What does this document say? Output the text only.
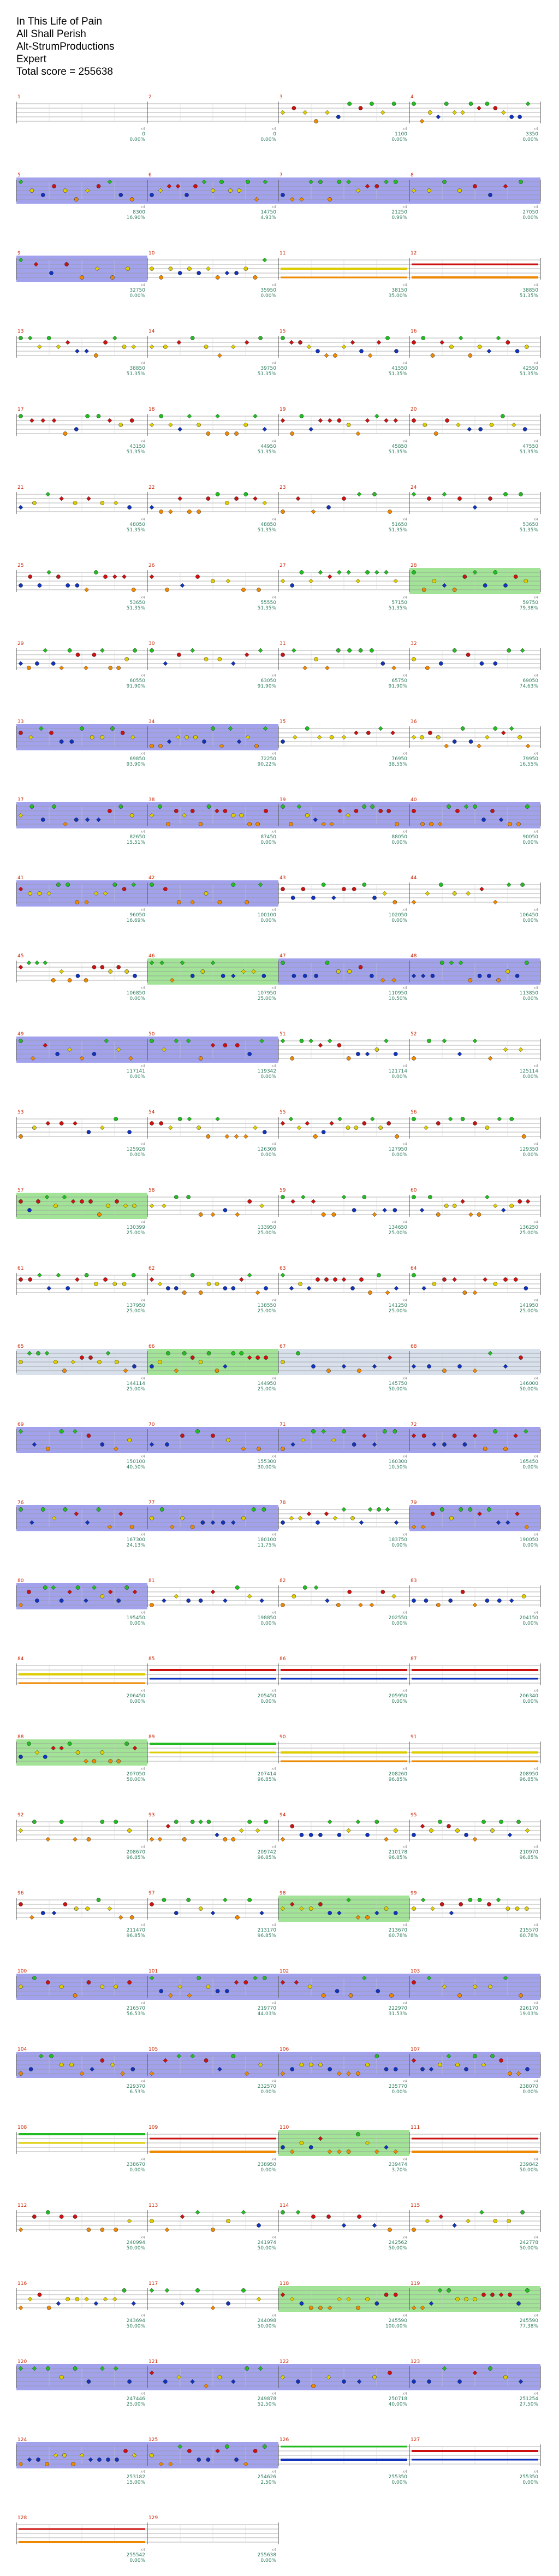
In This Life of Pain
All Shall Perish
Alt-StrumProductions
Expert
Total score = 255638
1
x4
0
0.00%
2
x4
0
0.00%
3
x4
1100
0.00%
4
x4
3350
0.00%
5
x4
8300
16.90%
6
x4
14750
4.93%
7
x4
21250
0.99%
8
x4
27050
0.00%
9
x4
32750
0.00%
10
x4
35950
0.00%
11
x4
38150
35.00%
12
x4
38850
51.35%
13
x4
38850
51.35%
14
x4
39750
51.35%
15
x4
41550
51.35%
16
x4
42550
51.35%
17
x4
43150
51.35%
18
x4
44950
51.35%
19
x4
45850
51.35%
20
x4
47550
51.35%
21
x4
48050
51.35%
22
x4
48850
51.35%
23
x4
51650
51.35%
24
x4
53650
51.35%
25
x4
53650
51.35%
26
x4
55550
51.35%
27
x4
57150
51.35%
28
x4
59750
79.38%
29
x4
60550
91.90%
30
x4
63050
91.90%
31
x4
65750
91.90%
32
x4
69050
74.63%
33
x4
69850
93.90%
34
x4
72250
90.22%
35
x4
76950
38.55%
36
x4
79950
16.55%
37
x4
82650
15.51%
38
x4
87450
0.00%
39
x4
88050
0.00%
40
x4
90050
0.00%
41
x4
96050
16.69%
42
x4
100100
0.00%
43
x4
102050
0.00%
44
x4
106450
0.00%
45
x4
106850
0.00%
46
x4
107950
25.00%
47
x4
110950
10.50%
48
x4
113850
0.00%
49
x4
117141
0.00%
50
x4
119342
0.00%
51
x4
121714
0.00%
52
x4
125114
0.00%
53
x4
125926
0.00%
54
x4
126306
0.00%
55
x4
127950
0.00%
56
x4
129350
0.00%
57
x4
130399
25.00%
58
x4
133950
25.00%
59
x4
134650
25.00%
60
x4
136250
25.00%
61
x4
137950
25.00%
62
x4
138550
25.00%
63
x4
141250
25.00%
64
x4
141950
25.00%
65
x4
144114
25.00%
66
x4
144950
25.00%
67
x4
145750
50.00%
68
x4
146000
50.00%
69
x4
150100
40.50%
70
x4
155300
30.00%
71
x4
160300
10.50%
72
x4
165450
0.00%
76
x4
167300
24.13%
77
x4
180100
11.75%
78
x4
183750
0.00%
79
x4
190050
0.00%
80
x4
195450
0.00%
81
x4
198850
0.00%
82
x4
202550
0.00%
83
x4
204150
0.00%
84
x4
206450
0.00%
85
x4
205450
0.00%
86
x4
205950
0.00%
87
x4
206340
0.00%
88
x4
207050
50.00%
89
x4
207414
96.85%
90
x4
208260
96.85%
91
x4
208950
96.85%
92
x4
208670
96.85%
93
x4
209742
96.85%
94
x4
210178
96.85%
95
x4
210970
96.85%
96
x4
211470
96.85%
97
x4
213170
96.85%
98
x4
213670
60.78%
99
x4
215570
60.78%
100
x4
216570
56.53%
101
x4
219770
44.03%
102
x4
222970
31.53%
103
x4
226170
19.03%
104
x4
229370
6.53%
105
x4
232570
0.00%
106
x4
235770
0.00%
107
x4
238070
0.00%
108
x4
238670
0.00%
109
x4
238950
0.00%
110
x4
239474
3.70%
111
x4
239842
50.00%
112
x4
240994
50.00%
113
x4
241974
50.00%
114
x4
242562
50.00%
115
x4
242778
50.00%
116
x4
243694
50.00%
117
x4
244098
50.00%
118
x4
245590
100.00%
119
x4
245590
77.38%
120
x4
247446
25.00%
121
x4
249878
52.50%
122
x4
250718
40.00%
123
x4
251254
27.50%
124
x4
253182
15.00%
125
x4
254626
2.50%
126
x4
255350
0.00%
127
x4
255350
0.00%
128
x4
255542
0.00%
129
x4
255638
0.00%
